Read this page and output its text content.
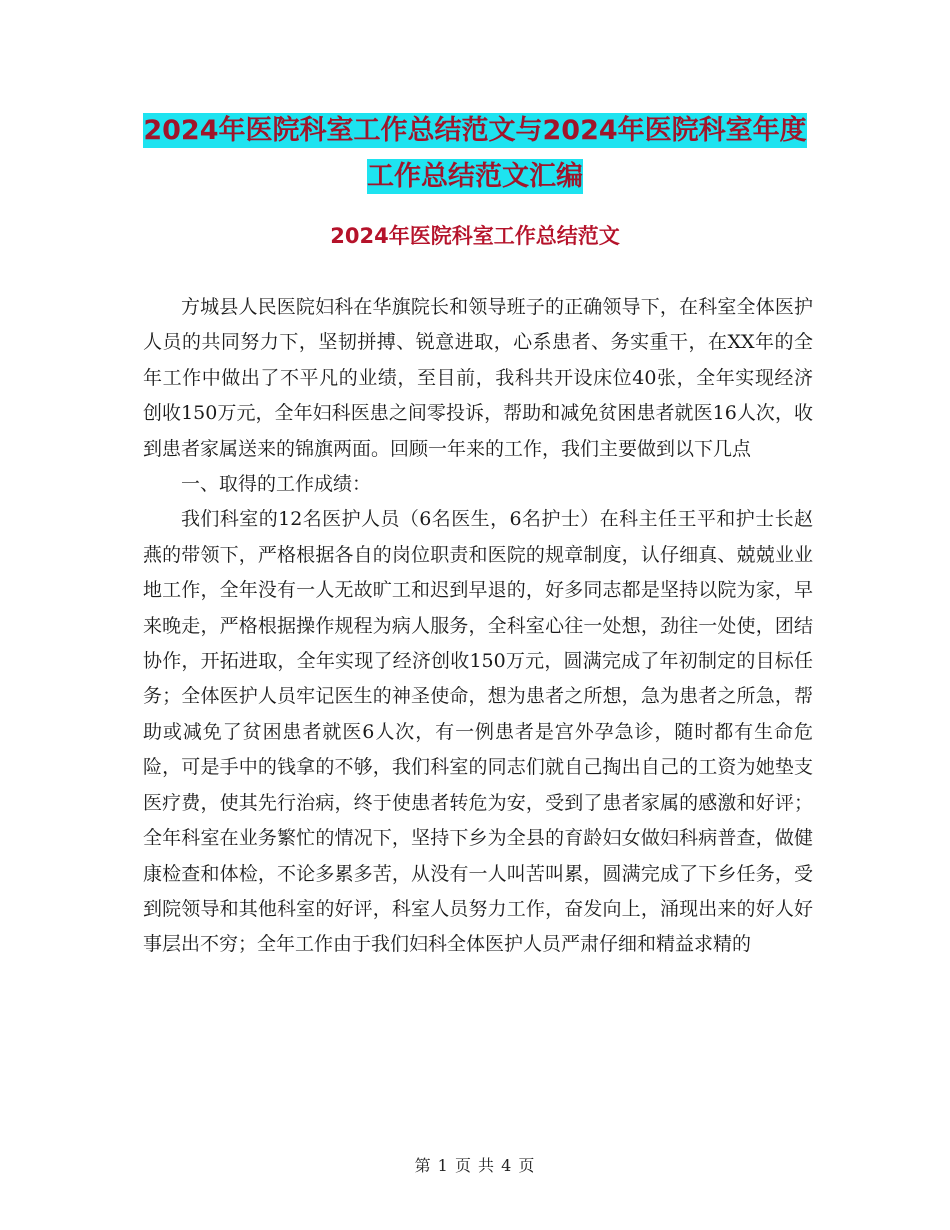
2024年医院科室工作总结范文与2024年医院科室年度
工作总结范文汇编
2024年医院科室工作总结范文

方城县人民医院妇科在华旗院长和领导班子的正确领导下，在科室全体医护人员的共同努力下，坚韧拼搏、锐意进取，心系患者、务实重干，在XX年的全年工作中做出了不平凡的业绩，至目前，我科共开设床位40张，全年实现经济创收150万元，全年妇科医患之间零投诉，帮助和减免贫困患者就医16人次，收到患者家属送来的锦旗两面。回顾一年来的工作，我们主要做到以下几点

一、取得的工作成绩：

我们科室的12名医护人员（6名医生，6名护士）在科主任王平和护士长赵燕的带领下，严格根据各自的岗位职责和医院的规章制度，认仔细真、兢兢业业地工作，全年没有一人无故旷工和迟到早退的，好多同志都是坚持以院为家，早来晚走，严格根据操作规程为病人服务，全科室心往一处想，劲往一处使，团结协作，开拓进取，全年实现了经济创收150万元，圆满完成了年初制定的目标任务；全体医护人员牢记医生的神圣使命，想为患者之所想，急为患者之所急，帮助或减免了贫困患者就医6人次，有一例患者是宫外孕急诊，随时都有生命危险，可是手中的钱拿的不够，我们科室的同志们就自己掏出自己的工资为她垫支医疗费，使其先行治病，终于使患者转危为安，受到了患者家属的感激和好评；全年科室在业务繁忙的情况下，坚持下乡为全县的育龄妇女做妇科病普查，做健康检查和体检，不论多累多苦，从没有一人叫苦叫累，圆满完成了下乡任务，受到院领导和其他科室的好评，科室人员努力工作，奋发向上，涌现出来的好人好事层出不穷；全年工作由于我们妇科全体医护人员严肃仔细和精益求精的

第 1 页 共 4 页
